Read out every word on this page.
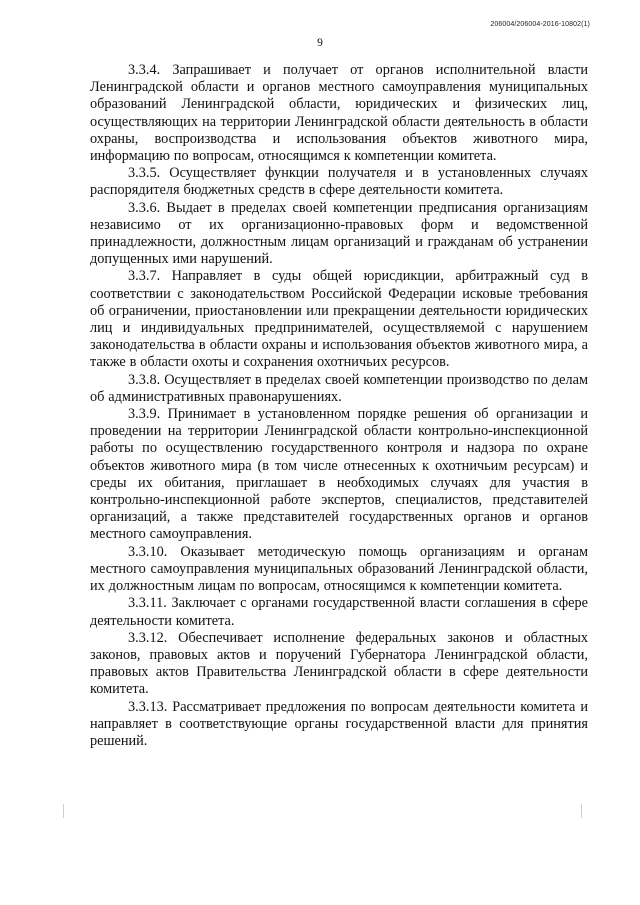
206004/206004-2016-10802(1)
9

3.3.4. Запрашивает и получает от органов исполнительной власти Ленинградской области и органов местного самоуправления муниципальных образований Ленинградской области, юридических и физических лиц, осуществляющих на территории Ленинградской области деятельность в области охраны, воспроизводства и использования объектов животного мира, информацию по вопросам, относящимся к компетенции комитета.

3.3.5. Осуществляет функции получателя и в установленных случаях распорядителя бюджетных средств в сфере деятельности комитета.

3.3.6. Выдает в пределах своей компетенции предписания организациям независимо от их организационно-правовых форм и ведомственной принадлежности, должностным лицам организаций и гражданам об устранении допущенных ими нарушений.

3.3.7. Направляет в суды общей юрисдикции, арбитражный суд в соответствии с законодательством Российской Федерации исковые требования об ограничении, приостановлении или прекращении деятельности юридических лиц и индивидуальных предпринимателей, осуществляемой с нарушением законодательства в области охраны и использования объектов животного мира, а также в области охоты и сохранения охотничьих ресурсов.

3.3.8. Осуществляет в пределах своей компетенции производство по делам об административных правонарушениях.

3.3.9. Принимает в установленном порядке решения об организации и проведении на территории Ленинградской области контрольно-инспекционной работы по осуществлению государственного контроля и надзора по охране объектов животного мира (в том числе отнесенных к охотничьим ресурсам) и среды их обитания, приглашает в необходимых случаях для участия в контрольно-инспекционной работе экспертов, специалистов, представителей организаций, а также представителей государственных органов и органов местного самоуправления.

3.3.10. Оказывает методическую помощь организациям и органам местного самоуправления муниципальных образований Ленинградской области, их должностным лицам по вопросам, относящимся к компетенции комитета.

3.3.11. Заключает с органами государственной власти соглашения в сфере деятельности комитета.

3.3.12. Обеспечивает исполнение федеральных законов и областных законов, правовых актов и поручений Губернатора Ленинградской области, правовых актов Правительства Ленинградской области в сфере деятельности комитета.

3.3.13. Рассматривает предложения по вопросам деятельности комитета и направляет в соответствующие органы государственной власти для принятия решений.
